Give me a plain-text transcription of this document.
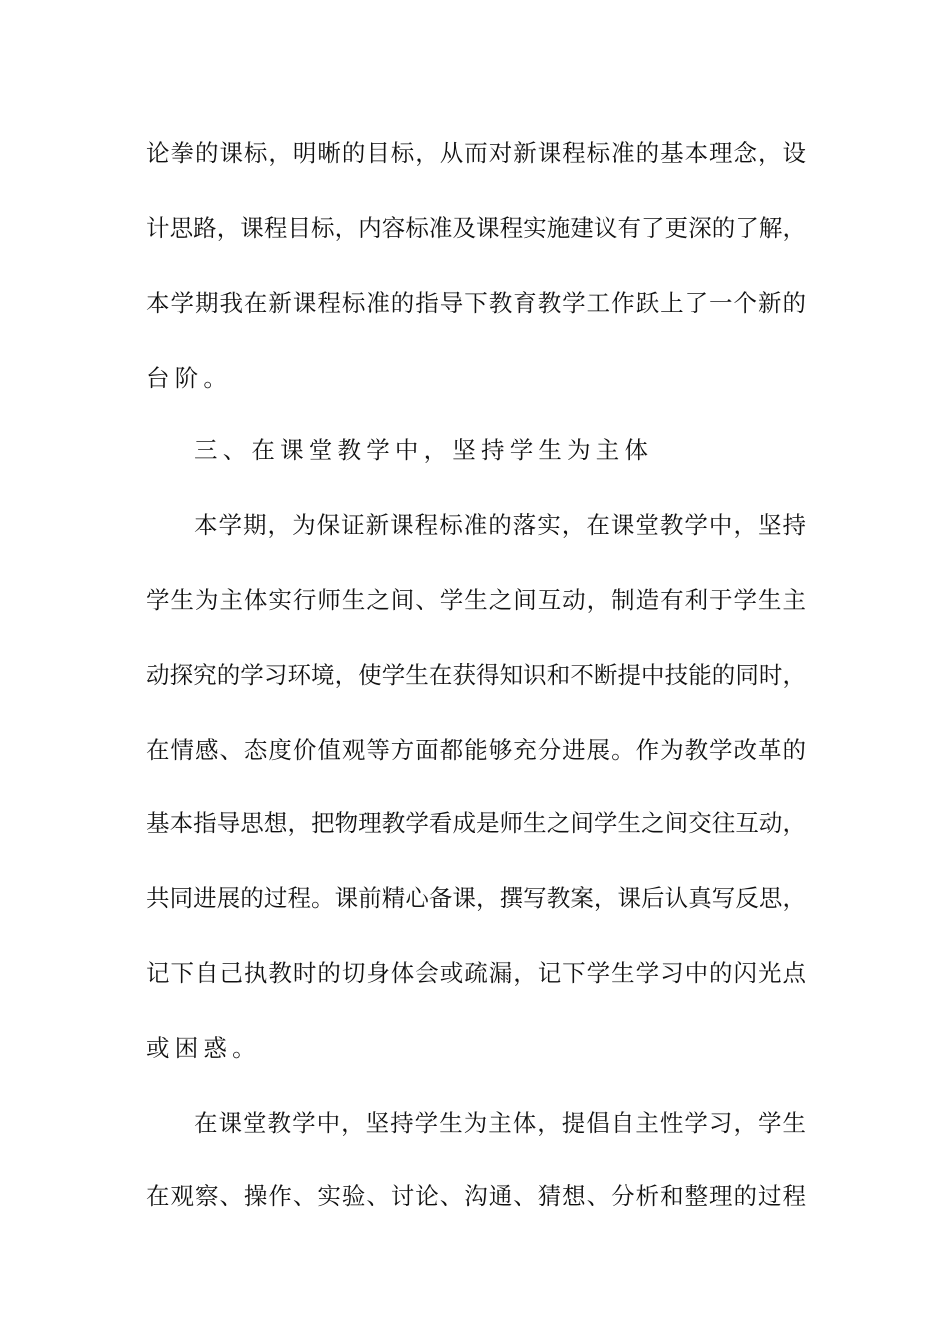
论拳的课标，明晰的目标，从而对新课程标准的基本理念，设

计思路，课程目标，内容标准及课程实施建议有了更深的了解，

本学期我在新课程标准的指导下教育教学工作跃上了一个新的

台阶。

三、在课堂教学中，坚持学生为主体

本学期，为保证新课程标准的落实，在课堂教学中，坚持

学生为主体实行师生之间、学生之间互动，制造有利于学生主

动探究的学习环境，使学生在获得知识和不断提中技能的同时，

在情感、态度价值观等方面都能够充分进展。作为教学改革的

基本指导思想，把物理教学看成是师生之间学生之间交往互动，

共同进展的过程。课前精心备课，撰写教案，课后认真写反思，

记下自己执教时的切身体会或疏漏，记下学生学习中的闪光点

或困惑。

在课堂教学中，坚持学生为主体，提倡自主性学习，学生

在观察、操作、实验、讨论、沟通、猜想、分析和整理的过程
